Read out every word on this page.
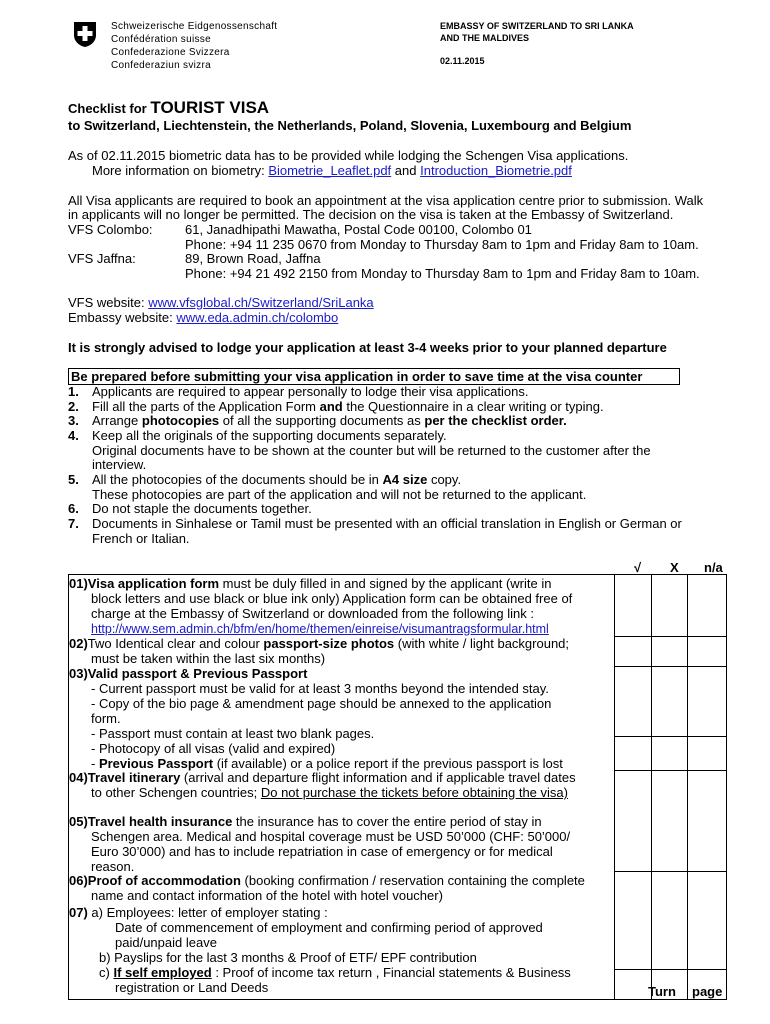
Schweizerische Eidgenossenschaft
Confédération suisse
Confederazione Svizzera
Confederaziun svizra
EMBASSY OF SWITZERLAND TO SRI LANKA
AND THE MALDIVES
02.11.2015
Checklist for TOURIST VISA
to Switzerland, Liechtenstein, the Netherlands, Poland, Slovenia, Luxembourg and Belgium
As of 02.11.2015 biometric data has to be provided while lodging the Schengen Visa applications.
More information on biometry: Biometrie_Leaflet.pdf and Introduction_Biometrie.pdf
All Visa applicants are required to book an appointment at the visa application centre prior to submission. Walk
in applicants will no longer be permitted. The decision on the visa is taken at the Embassy of Switzerland.
VFS Colombo: 61, Janadhipathi Mawatha, Postal Code 00100, Colombo 01
Phone: +94 11 235 0670 from Monday to Thursday 8am to 1pm and Friday 8am to 10am.
VFS Jaffna:	89, Brown Road, Jaffna
Phone: +94 21 492 2150 from Monday to Thursday 8am to 1pm and Friday 8am to 10am.
VFS website: www.vfsglobal.ch/Switzerland/SriLanka
Embassy website: www.eda.admin.ch/colombo
It is strongly advised to lodge your application at least 3-4 weeks prior to your planned departure
Be prepared before submitting your visa application in order to save time at the visa counter
1. Applicants are required to appear personally to lodge their visa applications.
2. Fill all the parts of the Application Form and the Questionnaire in a clear writing or typing.
3. Arrange photocopies of all the supporting documents as per the checklist order.
4. Keep all the originals of the supporting documents separately.
Original documents have to be shown at the counter but will be returned to the customer after the
interview.
5. All the photocopies of the documents should be in A4 size copy.
These photocopies are part of the application and will not be returned to the applicant.
6. Do not staple the documents together.
7. Documents in Sinhalese or Tamil must be presented with an official translation in English or German or
French or Italian.
√ X n/a
01)Visa application form must be duly filled in and signed by the applicant (write in
block letters and use black or blue ink only) Application form can be obtained free of
charge at the Embassy of Switzerland or downloaded from the following link :
http://www.sem.admin.ch/bfm/en/home/themen/einreise/visumantragsformular.html
02)Two Identical clear and colour passport-size photos (with white / light background;
must be taken within the last six months)
03)Valid passport & Previous Passport
- Current passport must be valid for at least 3 months beyond the intended stay.
- Copy of the bio page & amendment page should be annexed to the application
form.
- Passport must contain at least two blank pages.
- Photocopy of all visas (valid and expired)
- Previous Passport (if available) or a police report if the previous passport is lost
04)Travel itinerary (arrival and departure flight information and if applicable travel dates
to other Schengen countries; Do not purchase the tickets before obtaining the visa)
05)Travel health insurance the insurance has to cover the entire period of stay in
Schengen area. Medical and hospital coverage must be USD 50’000 (CHF: 50’000/
Euro 30’000) and has to include repatriation in case of emergency or for medical
reason.
06)Proof of accommodation (booking confirmation / reservation containing the complete
name and contact information of the hotel with hotel voucher)
07) a) Employees: letter of employer stating :
Date of commencement of employment and confirming period of approved
paid/unpaid leave
b) Payslips for the last 3 months & Proof of ETF/ EPF contribution
c) If self employed : Proof of income tax return , Financial statements & Business
registration or Land Deeds	Turn page
